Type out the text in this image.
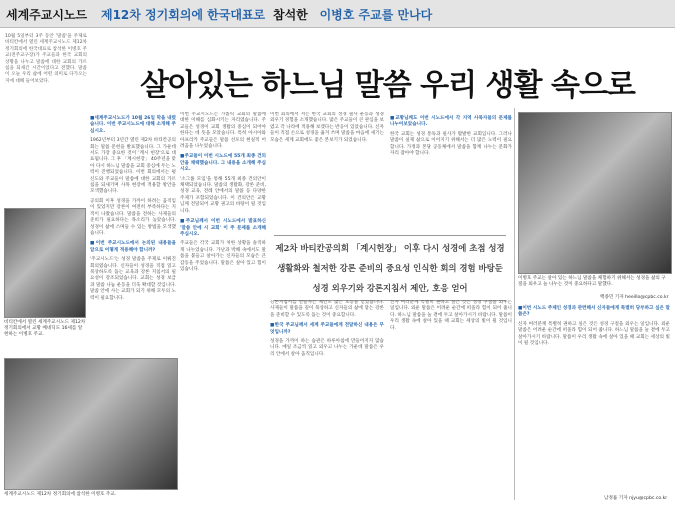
세계주교시노드 제12차 정기회의에 한국대표로 참석한 이병호 주교를 만나다
살아있는 하느님 말씀 우리 생활 속으로
10월 5일부터 3주 동안 '말씀'을 주제로 바티칸에서 열린 세계주교시노드 제12차 정기회의에 한국대표로 참석한 이병호 주교(전주교구장)가 주교들과 한국 교회의 상황을 나누고 말씀에 대한 교회의 가르침을 되새긴 시간이었다고 전했다. 말씀이 오늘 우리 삶에 어떤 의미로 다가오는지에 대해 들어보았다.
비티칸에서 열린 세계주교시노드 제12차 정기회의에서 교황 베네딕도 16세를 알현하는 이병호 주교.

■세계주교시노드가 10월 26일 막을 내렸습니다. 이번 주교시노드에 대해 소개해 주십시오.

1962년부터 3년간 열린 제2차 바티칸공의회는 말씀 문헌을 발표했습니다. 그 가운데서도 가장 중요한 것이 '계시 헌장'으로 대표됩니다. 그 후 「계시헌장」 40주년을 맞아 다시 하느님 말씀을 교회 중심에 두는 노력이 진행되었습니다. 이번 회의에서는 평신도와 주교들이 말씀에 대한 교회의 가르침을 되새기며 사목 현장에 적용할 방안을 모색했습니다.

공의회 이후 성경을 가까이 하려는 움직임이 있었지만 강론이 여전히 부족하다는 지적이 나왔습니다. 말씀을 전하는 사제들의 준비가 필요하다는 목소리가 높았습니다. 성경이 삶에 스며들 수 있는 방법을 모색했습니다.

■이번 주교시노드에서 논의된 내용들을 알으로 어떻게 적용해야 합니까?

'주교시노드'는 성경 말씀을 주제로 이뤄진 회의였습니다. 신자들이 성경을 직접 읽고 묵상하도록 돕는 교육과 강론 지침서의 필요성이 강조되었습니다. 교회는 성경 보급과 말씀 나눔 운동을 더욱 확대할 것입니다. 말씀 안에 사는 교회가 되기 위해 모두의 노력이 필요합니다.

세계주교시노드 제12차 정기회의에 참석한 이병호 주교.

이번 주교시노드는 가톨릭 교회의 말씀에 대한 이해를 심화시키는 자리였습니다. 주교들은 성경이 교회 생활의 중심이 되어야 한다는 데 뜻을 모았습니다. 특히 아시아와 아프리카 주교들은 말씀 선포의 현실적 어려움을 나누었습니다.

■주교들이 이번 시노드에 55개 최종 건의안을 채택했습니다. 그 내용을 소개해 주십시오.

'소그룹 모임'을 통해 55개 최종 건의안이 채택되었습니다. 말씀의 생활화, 강론 준비, 성경 교육, 전례 안에서의 말씀 등 다양한 주제가 포함되었습니다. 이 건의안은 교황님께 전달되어 교황 권고의 바탕이 될 것입니다.

■주교님께서 이번 시노드에서 발표하신 '말씀 안에 시 교회' 이 주 문제를 소개해 주십시오.

주교들은 각국 교회가 처한 상황을 솔직하게 나누었습니다. 가난과 박해 속에서도 말씀을 붙들고 살아가는 신자들의 모습은 큰 감동을 주었습니다. 말씀은 살아 있고 힘이 있습니다.

이번 회의에서 저는 한국 교회의 성경 필사 운동과 성경 외우기 경험을 소개했습니다. 많은 주교들이 큰 관심을 보였고 각 나라에 적용해 보겠다는 반응이 있었습니다. 신자들이 직접 손으로 성경을 옮겨 쓰며 말씀을 마음에 새기는 모습은 세계 교회에도 좋은 본보기가 되었습니다.

■교황님께도 이번 시노드에서 각 지역 사목자들의 문제를 나누어보았습니다.

한국 교회는 성경 통독과 필사가 활발한 교회입니다. 그러나 말씀이 실제 삶으로 이어지기 위해서는 더 많은 노력이 필요합니다. 가정과 본당 공동체에서 말씀을 함께 나누는 문화가 자리 잡아야 합니다.

제2차 바티칸공의회 「계시헌장」 이후 다시 성경에 초점 성경 생활화와 철저한 강론 준비의 중요성 인식한 회의 경험 바탕둔 성경 외우기와 강론지침서 제안, 호응 얻어

강론지침서를 만들자는 제안도 많은 호응을 얻었습니다. 사제들이 말씀을 깊이 묵상하고 신자들의 삶에 닿는 강론을 준비할 수 있도록 돕는 것이 중요합니다.

■한국 주교님께서 세계 주교들에게 전달하신 내용은 무엇입니까?

성경을 가까이 하는 습관은 하루아침에 만들어지지 않습니다. 매일 조금씩 읽고 외우고 나누는 가운데 말씀은 우리 안에서 살아 움직입니다.

신자 여러분께 특별히 권하고 싶은 것은 성경 구절을 외우는 일입니다. 외운 말씀은 어려운 순간에 떠올라 힘이 되어 줍니다. 하느님 말씀을 늘 곁에 두고 살아가시기 바랍니다. 말씀이 우리 생활 속에 살아 있을 때 교회는 세상의 빛이 될 것입니다.

이병호 주교는 살아 있는 하느님 말씀을 체험하기 위해서는 성경을 삶의 구절을 외우고 늘 나누는 것이 중요하다고 말했다.
백종민 기자 heeillo@cpbc.co.kr

■이번 시노드 주제인 성경과 관련해서 신자들에게 특별히 당부하고 싶은 말씀은?

신자 여러분께 특별히 권하고 싶은 것은 성경 구절을 외우는 일입니다. 외운 말씀은 어려운 순간에 떠올라 힘이 되어 줍니다. 하느님 말씀을 늘 곁에 두고 살아가시기 바랍니다. 말씀이 우리 생활 속에 살아 있을 때 교회는 세상의 빛이 될 것입니다.

남정률 기자 njyu@cpbc.co.kr
